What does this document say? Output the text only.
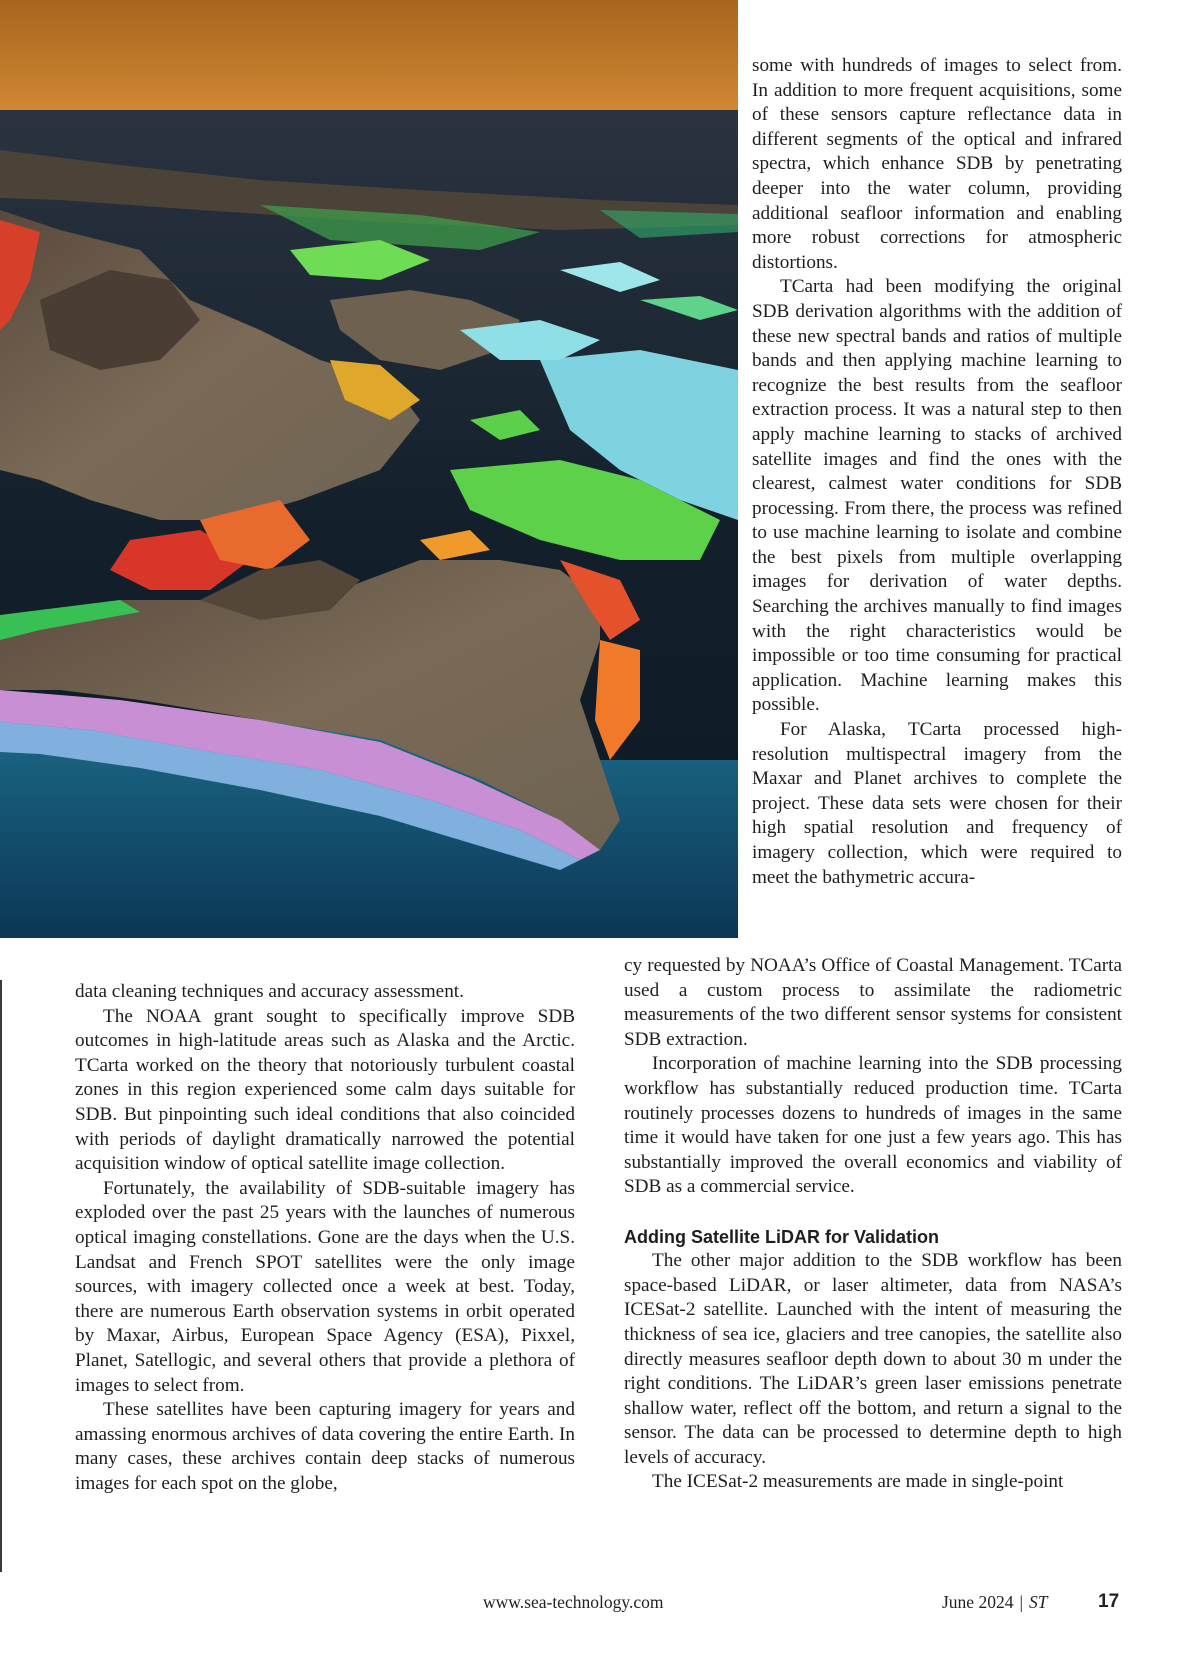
some with hundreds of images to select from. In addition to more frequent acquisitions, some of these sensors capture reflectance data in different segments of the optical and infrared spectra, which enhance SDB by penetrating deeper into the water column, providing additional seafloor information and enabling more robust corrections for atmospheric distortions.

TCarta had been modifying the original SDB derivation algorithms with the addition of these new spectral bands and ratios of multiple bands and then applying machine learning to recognize the best results from the seafloor extraction process. It was a natural step to then apply machine learning to stacks of archived satellite images and find the ones with the clearest, calmest water conditions for SDB processing. From there, the process was refined to use machine learning to isolate and combine the best pixels from multiple overlapping images for derivation of water depths. Searching the archives manually to find images with the right characteristics would be impossible or too time consuming for practical application. Machine learning makes this possible.

For Alaska, TCarta processed high-resolution multispectral imagery from the Maxar and Planet archives to complete the project. These data sets were chosen for their high spatial resolution and frequency of imagery collection, which were required to meet the bathymetric accura-

cy requested by NOAA’s Office of Coastal Management. TCarta used a custom process to assimilate the radiometric measurements of the two different sensor systems for consistent SDB extraction.

Incorporation of machine learning into the SDB processing workflow has substantially reduced production time. TCarta routinely processes dozens to hundreds of images in the same time it would have taken for one just a few years ago. This has substantially improved the overall economics and viability of SDB as a commercial service.

Adding Satellite LiDAR for Validation

The other major addition to the SDB workflow has been space-based LiDAR, or laser altimeter, data from NASA’s ICESat-2 satellite. Launched with the intent of measuring the thickness of sea ice, glaciers and tree canopies, the satellite also directly measures seafloor depth down to about 30 m under the right conditions. The LiDAR’s green laser emissions penetrate shallow water, reflect off the bottom, and return a signal to the sensor. The data can be processed to determine depth to high levels of accuracy.

The ICESat-2 measurements are made in single-point

data cleaning techniques and accuracy assessment.

The NOAA grant sought to specifically improve SDB outcomes in high-latitude areas such as Alaska and the Arctic. TCarta worked on the theory that notoriously turbulent coastal zones in this region experienced some calm days suitable for SDB. But pinpointing such ideal conditions that also coincided with periods of daylight dramatically narrowed the potential acquisition window of optical satellite image collection.

Fortunately, the availability of SDB-suitable imagery has exploded over the past 25 years with the launches of numerous optical imaging constellations. Gone are the days when the U.S. Landsat and French SPOT satellites were the only image sources, with imagery collected once a week at best. Today, there are numerous Earth observation systems in orbit operated by Maxar, Airbus, European Space Agency (ESA), Pixxel, Planet, Satellogic, and several others that provide a plethora of images to select from.

These satellites have been capturing imagery for years and amassing enormous archives of data covering the entire Earth. In many cases, these archives contain deep stacks of numerous images for each spot on the globe,

www.sea-technology.com	June 2024 | ST	17
